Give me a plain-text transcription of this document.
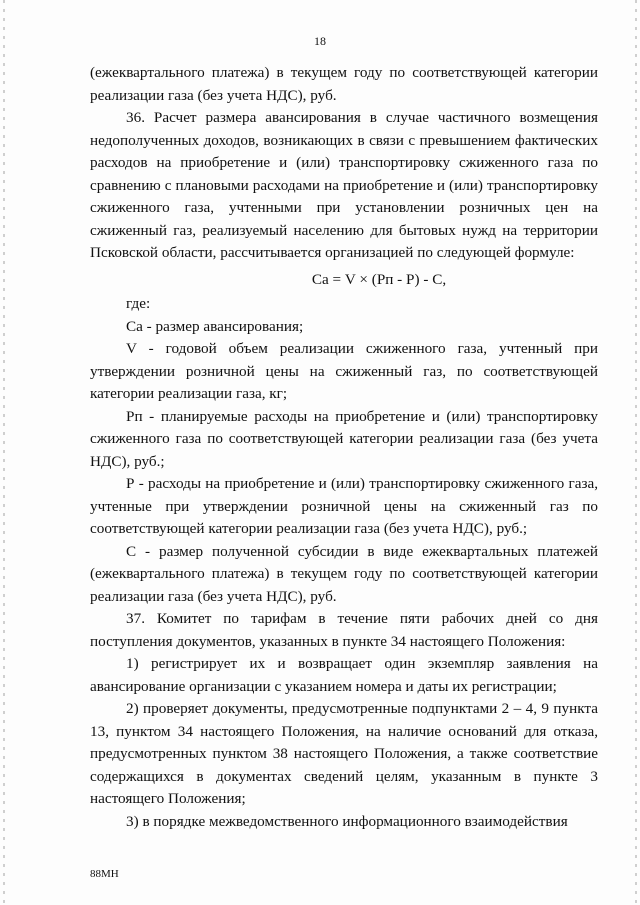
18

(ежеквартального платежа) в текущем году по соответствующей категории реализации газа (без учета НДС), руб.

36. Расчет размера авансирования в случае частичного возмещения недополученных доходов, возникающих в связи с превышением фактических расходов на приобретение и (или) транспортировку сжиженного газа по сравнению с плановыми расходами на приобретение и (или) транспортировку сжиженного газа, учтенными при установлении розничных цен на сжиженный газ, реализуемый населению для бытовых нужд на территории Псковской области, рассчитывается организацией по следующей формуле:

Са = V × (Рп - Р) - С,

где:

Са - размер авансирования;

V - годовой объем реализации сжиженного газа, учтенный при утверждении розничной цены на сжиженный газ, по соответствующей категории реализации газа, кг;

Рп - планируемые расходы на приобретение и (или) транспортировку сжиженного газа по соответствующей категории реализации газа (без учета НДС), руб.;

Р - расходы на приобретение и (или) транспортировку сжиженного газа, учтенные при утверждении розничной цены на сжиженный газ по соответствующей категории реализации газа (без учета НДС), руб.;

С - размер полученной субсидии в виде ежеквартальных платежей (ежеквартального платежа) в текущем году по соответствующей категории реализации газа (без учета НДС), руб.

37. Комитет по тарифам в течение пяти рабочих дней со дня поступления документов, указанных в пункте 34 настоящего Положения:

1) регистрирует их и возвращает один экземпляр заявления на авансирование организации с указанием номера и даты их регистрации;

2) проверяет документы, предусмотренные подпунктами 2 – 4, 9 пункта 13, пунктом 34 настоящего Положения, на наличие оснований для отказа, предусмотренных пунктом 38 настоящего Положения, а также соответствие содержащихся в документах сведений целям, указанным в пункте 3 настоящего Положения;

3) в порядке межведомственного информационного взаимодействия

88МН
